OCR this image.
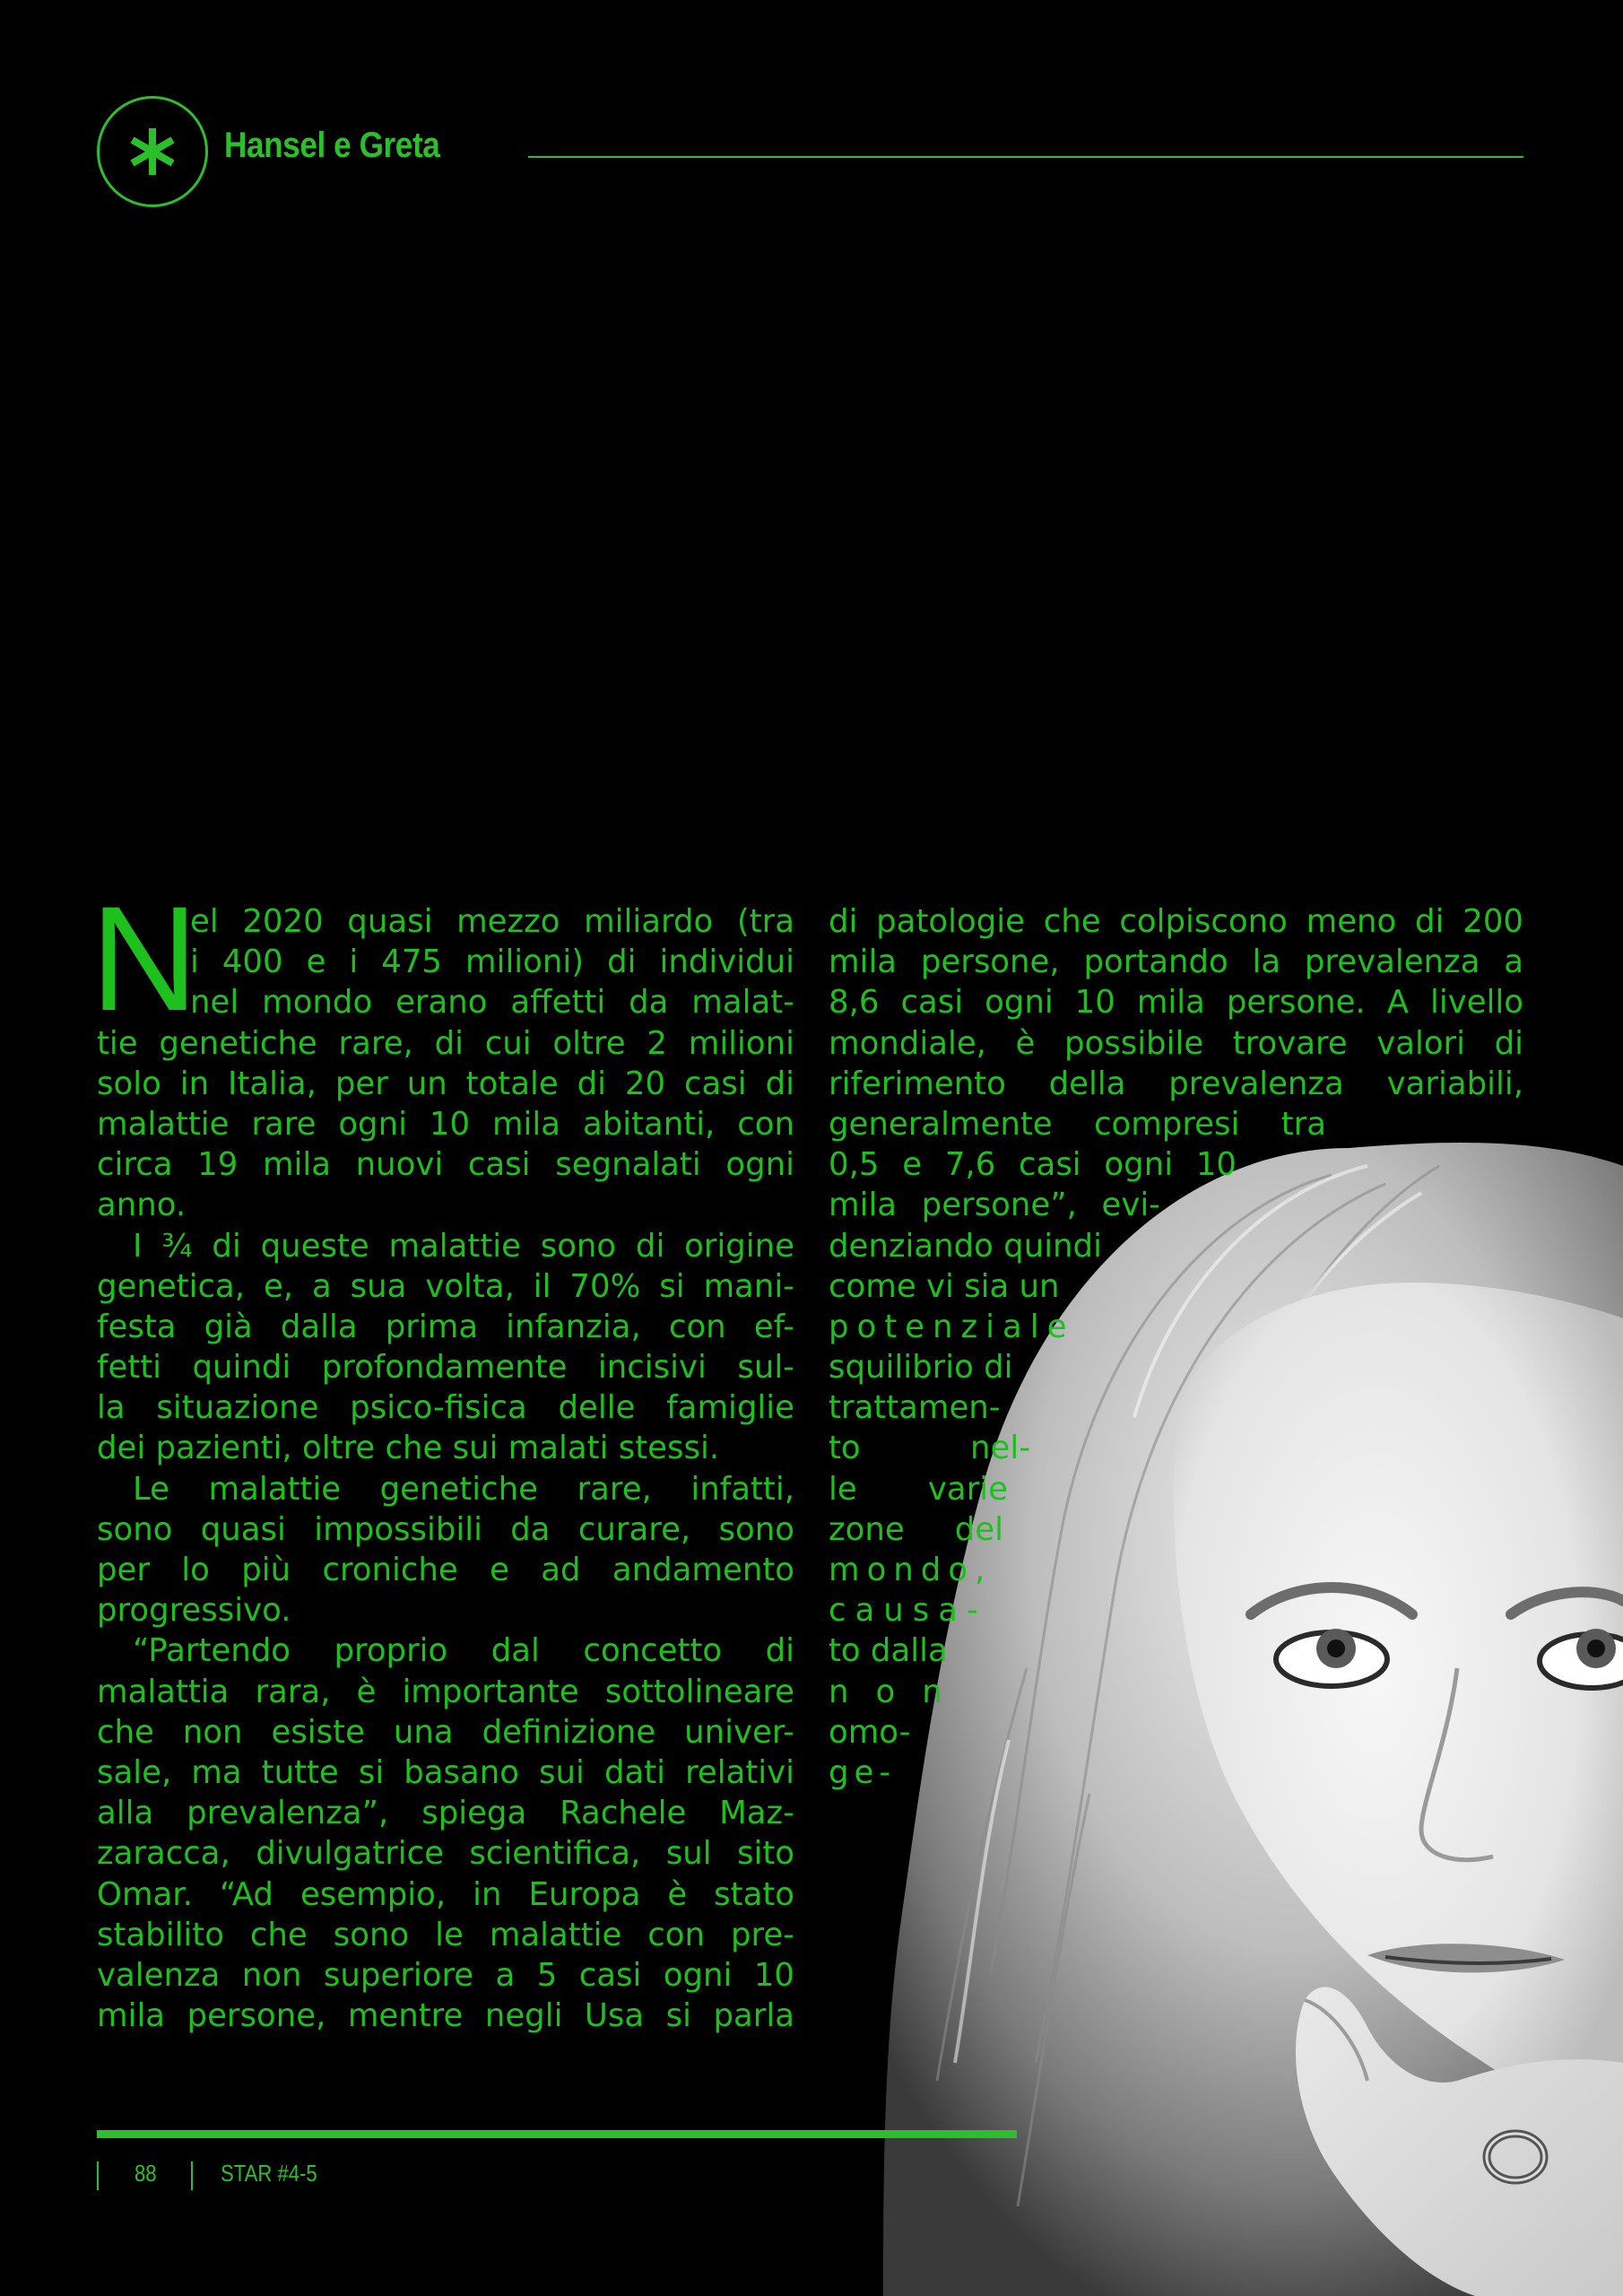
Hansel e Greta
N
el 2020 quasi mezzo miliardo (tra
i 400 e i 475 milioni) di individui
nel mondo erano affetti da malat-
tie genetiche rare, di cui oltre 2 milioni
solo in Italia, per un totale di 20 casi di
malattie rare ogni 10 mila abitanti, con
circa 19 mila nuovi casi segnalati ogni
anno.
I ¾ di queste malattie sono di origine
genetica, e, a sua volta, il 70% si mani-
festa già dalla prima infanzia, con ef-
fetti quindi profondamente incisivi sul-
la situazione psico-fisica delle famiglie
dei pazienti, oltre che sui malati stessi.
Le malattie genetiche rare, infatti,
sono quasi impossibili da curare, sono
per lo più croniche e ad andamento
progressivo.
“Partendo proprio dal concetto di
malattia rara, è importante sottolineare
che non esiste una definizione univer-
sale, ma tutte si basano sui dati relativi
alla prevalenza”, spiega Rachele Maz-
zaracca, divulgatrice scientifica, sul sito
Omar. “Ad esempio, in Europa è stato
stabilito che sono le malattie con pre-
valenza non superiore a 5 casi ogni 10
mila persone, mentre negli Usa si parla
di patologie che colpiscono meno di 200
mila persone, portando la prevalenza a
8,6 casi ogni 10 mila persone. A livello
mondiale, è possibile trovare valori di
riferimento della prevalenza variabili,
generalmente compresi tra
0,5 e 7,6 casi ogni 10
mila persone”, evi-
denziando quindi
come vi sia un
potenziale
squilibrio di
trattamen-
to nel-
le varie
zone del
mondo,
causa-
to dalla
non
omo-
ge-
88	STAR #4-5
